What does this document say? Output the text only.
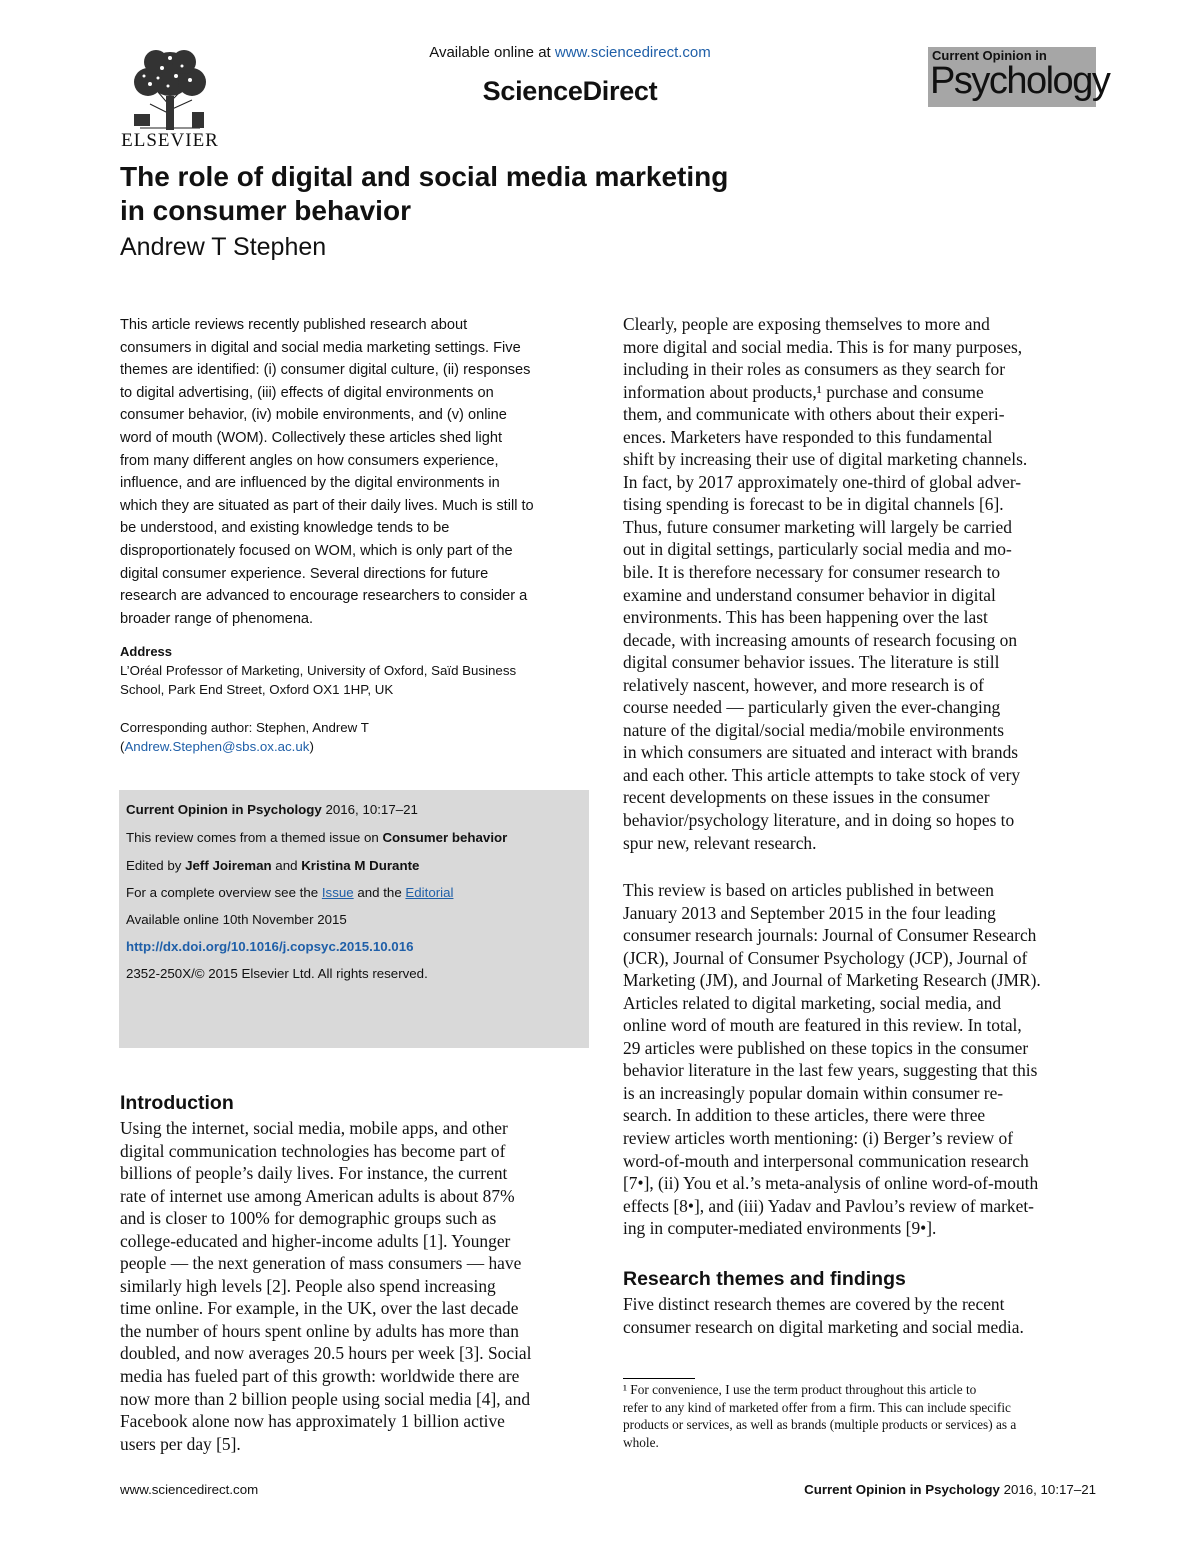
ELSEVIER
Available online at www.sciencedirect.com
ScienceDirect
Current Opinion in
Psychology
The role of digital and social media marketing
in consumer behavior
Andrew T Stephen
This article reviews recently published research about
consumers in digital and social media marketing settings. Five
themes are identified: (i) consumer digital culture, (ii) responses
to digital advertising, (iii) effects of digital environments on
consumer behavior, (iv) mobile environments, and (v) online
word of mouth (WOM). Collectively these articles shed light
from many different angles on how consumers experience,
influence, and are influenced by the digital environments in
which they are situated as part of their daily lives. Much is still to
be understood, and existing knowledge tends to be
disproportionately focused on WOM, which is only part of the
digital consumer experience. Several directions for future
research are advanced to encourage researchers to consider a
broader range of phenomena.
Address
L’Oréal Professor of Marketing, University of Oxford, Saïd Business
School, Park End Street, Oxford OX1 1HP, UK
Corresponding author: Stephen, Andrew T
(Andrew.Stephen@sbs.ox.ac.uk)
Current Opinion in Psychology 2016, 10:17–21
This review comes from a themed issue on Consumer behavior
Edited by Jeff Joireman and Kristina M Durante
For a complete overview see the Issue and the Editorial
Available online 10th November 2015
http://dx.doi.org/10.1016/j.copsyc.2015.10.016
2352-250X/© 2015 Elsevier Ltd. All rights reserved.
Introduction
Using the internet, social media, mobile apps, and other
digital communication technologies has become part of
billions of people’s daily lives. For instance, the current
rate of internet use among American adults is about 87%
and is closer to 100% for demographic groups such as
college-educated and higher-income adults [1]. Younger
people — the next generation of mass consumers — have
similarly high levels [2]. People also spend increasing
time online. For example, in the UK, over the last decade
the number of hours spent online by adults has more than
doubled, and now averages 20.5 hours per week [3]. Social
media has fueled part of this growth: worldwide there are
now more than 2 billion people using social media [4], and
Facebook alone now has approximately 1 billion active
users per day [5].
Clearly, people are exposing themselves to more and
more digital and social media. This is for many purposes,
including in their roles as consumers as they search for
information about products,¹ purchase and consume
them, and communicate with others about their experi-
ences. Marketers have responded to this fundamental
shift by increasing their use of digital marketing channels.
In fact, by 2017 approximately one-third of global adver-
tising spending is forecast to be in digital channels [6].
Thus, future consumer marketing will largely be carried
out in digital settings, particularly social media and mo-
bile. It is therefore necessary for consumer research to
examine and understand consumer behavior in digital
environments. This has been happening over the last
decade, with increasing amounts of research focusing on
digital consumer behavior issues. The literature is still
relatively nascent, however, and more research is of
course needed — particularly given the ever-changing
nature of the digital/social media/mobile environments
in which consumers are situated and interact with brands
and each other. This article attempts to take stock of very
recent developments on these issues in the consumer
behavior/psychology literature, and in doing so hopes to
spur new, relevant research.
This review is based on articles published in between
January 2013 and September 2015 in the four leading
consumer research journals: Journal of Consumer Research
(JCR), Journal of Consumer Psychology (JCP), Journal of
Marketing (JM), and Journal of Marketing Research (JMR).
Articles related to digital marketing, social media, and
online word of mouth are featured in this review. In total,
29 articles were published on these topics in the consumer
behavior literature in the last few years, suggesting that this
is an increasingly popular domain within consumer re-
search. In addition to these articles, there were three
review articles worth mentioning: (i) Berger’s review of
word-of-mouth and interpersonal communication research
[7•], (ii) You et al.’s meta-analysis of online word-of-mouth
effects [8•], and (iii) Yadav and Pavlou’s review of market-
ing in computer-mediated environments [9•].
Research themes and findings
Five distinct research themes are covered by the recent
consumer research on digital marketing and social media.
¹ For convenience, I use the term product throughout this article to
refer to any kind of marketed offer from a firm. This can include specific
products or services, as well as brands (multiple products or services) as a
whole.
www.sciencedirect.com	Current Opinion in Psychology 2016, 10:17–21
